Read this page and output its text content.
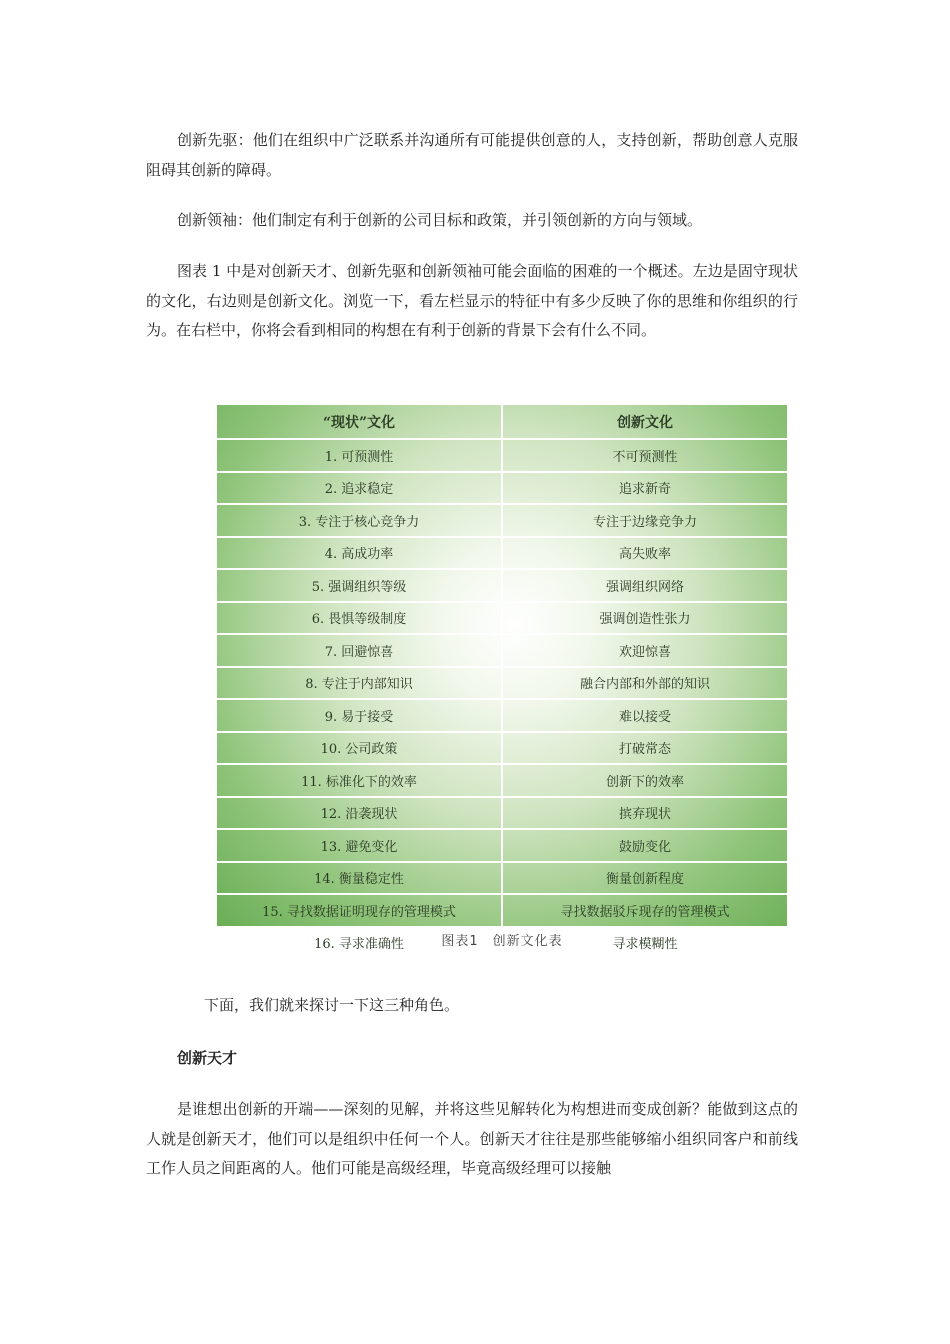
创新先驱：他们在组织中广泛联系并沟通所有可能提供创意的人，支持创新，帮助创意人克服阻碍其创新的障碍。

创新领袖：他们制定有利于创新的公司目标和政策，并引领创新的方向与领域。

图表 1 中是对创新天才、创新先驱和创新领袖可能会面临的困难的一个概述。左边是固守现状的文化，右边则是创新文化。浏览一下，看左栏显示的特征中有多少反映了你的思维和你组织的行为。在右栏中，你将会看到相同的构想在有利于创新的背景下会有什么不同。

“现状”文化	创新文化
1. 可预测性	不可预测性
2. 追求稳定	追求新奇
3. 专注于核心竞争力	专注于边缘竞争力
4. 高成功率	高失败率
5. 强调组织等级	强调组织网络
6. 畏惧等级制度	强调创造性张力
7. 回避惊喜	欢迎惊喜
8. 专注于内部知识	融合内部和外部的知识
9. 易于接受	难以接受
10. 公司政策	打破常态
11. 标准化下的效率	创新下的效率
12. 沿袭现状	摈弃现状
13. 避免变化	鼓励变化
14. 衡量稳定性	衡量创新程度
15. 寻找数据证明现存的管理模式	寻找数据驳斥现存的管理模式
16. 寻求准确性	寻求模糊性
图表1　创新文化表

下面，我们就来探讨一下这三种角色。

创新天才

是谁想出创新的开端——深刻的见解，并将这些见解转化为构想进而变成创新？能做到这点的人就是创新天才，他们可以是组织中任何一个人。创新天才往往是那些能够缩小组织同客户和前线工作人员之间距离的人。他们可能是高级经理，毕竟高级经理可以接触
